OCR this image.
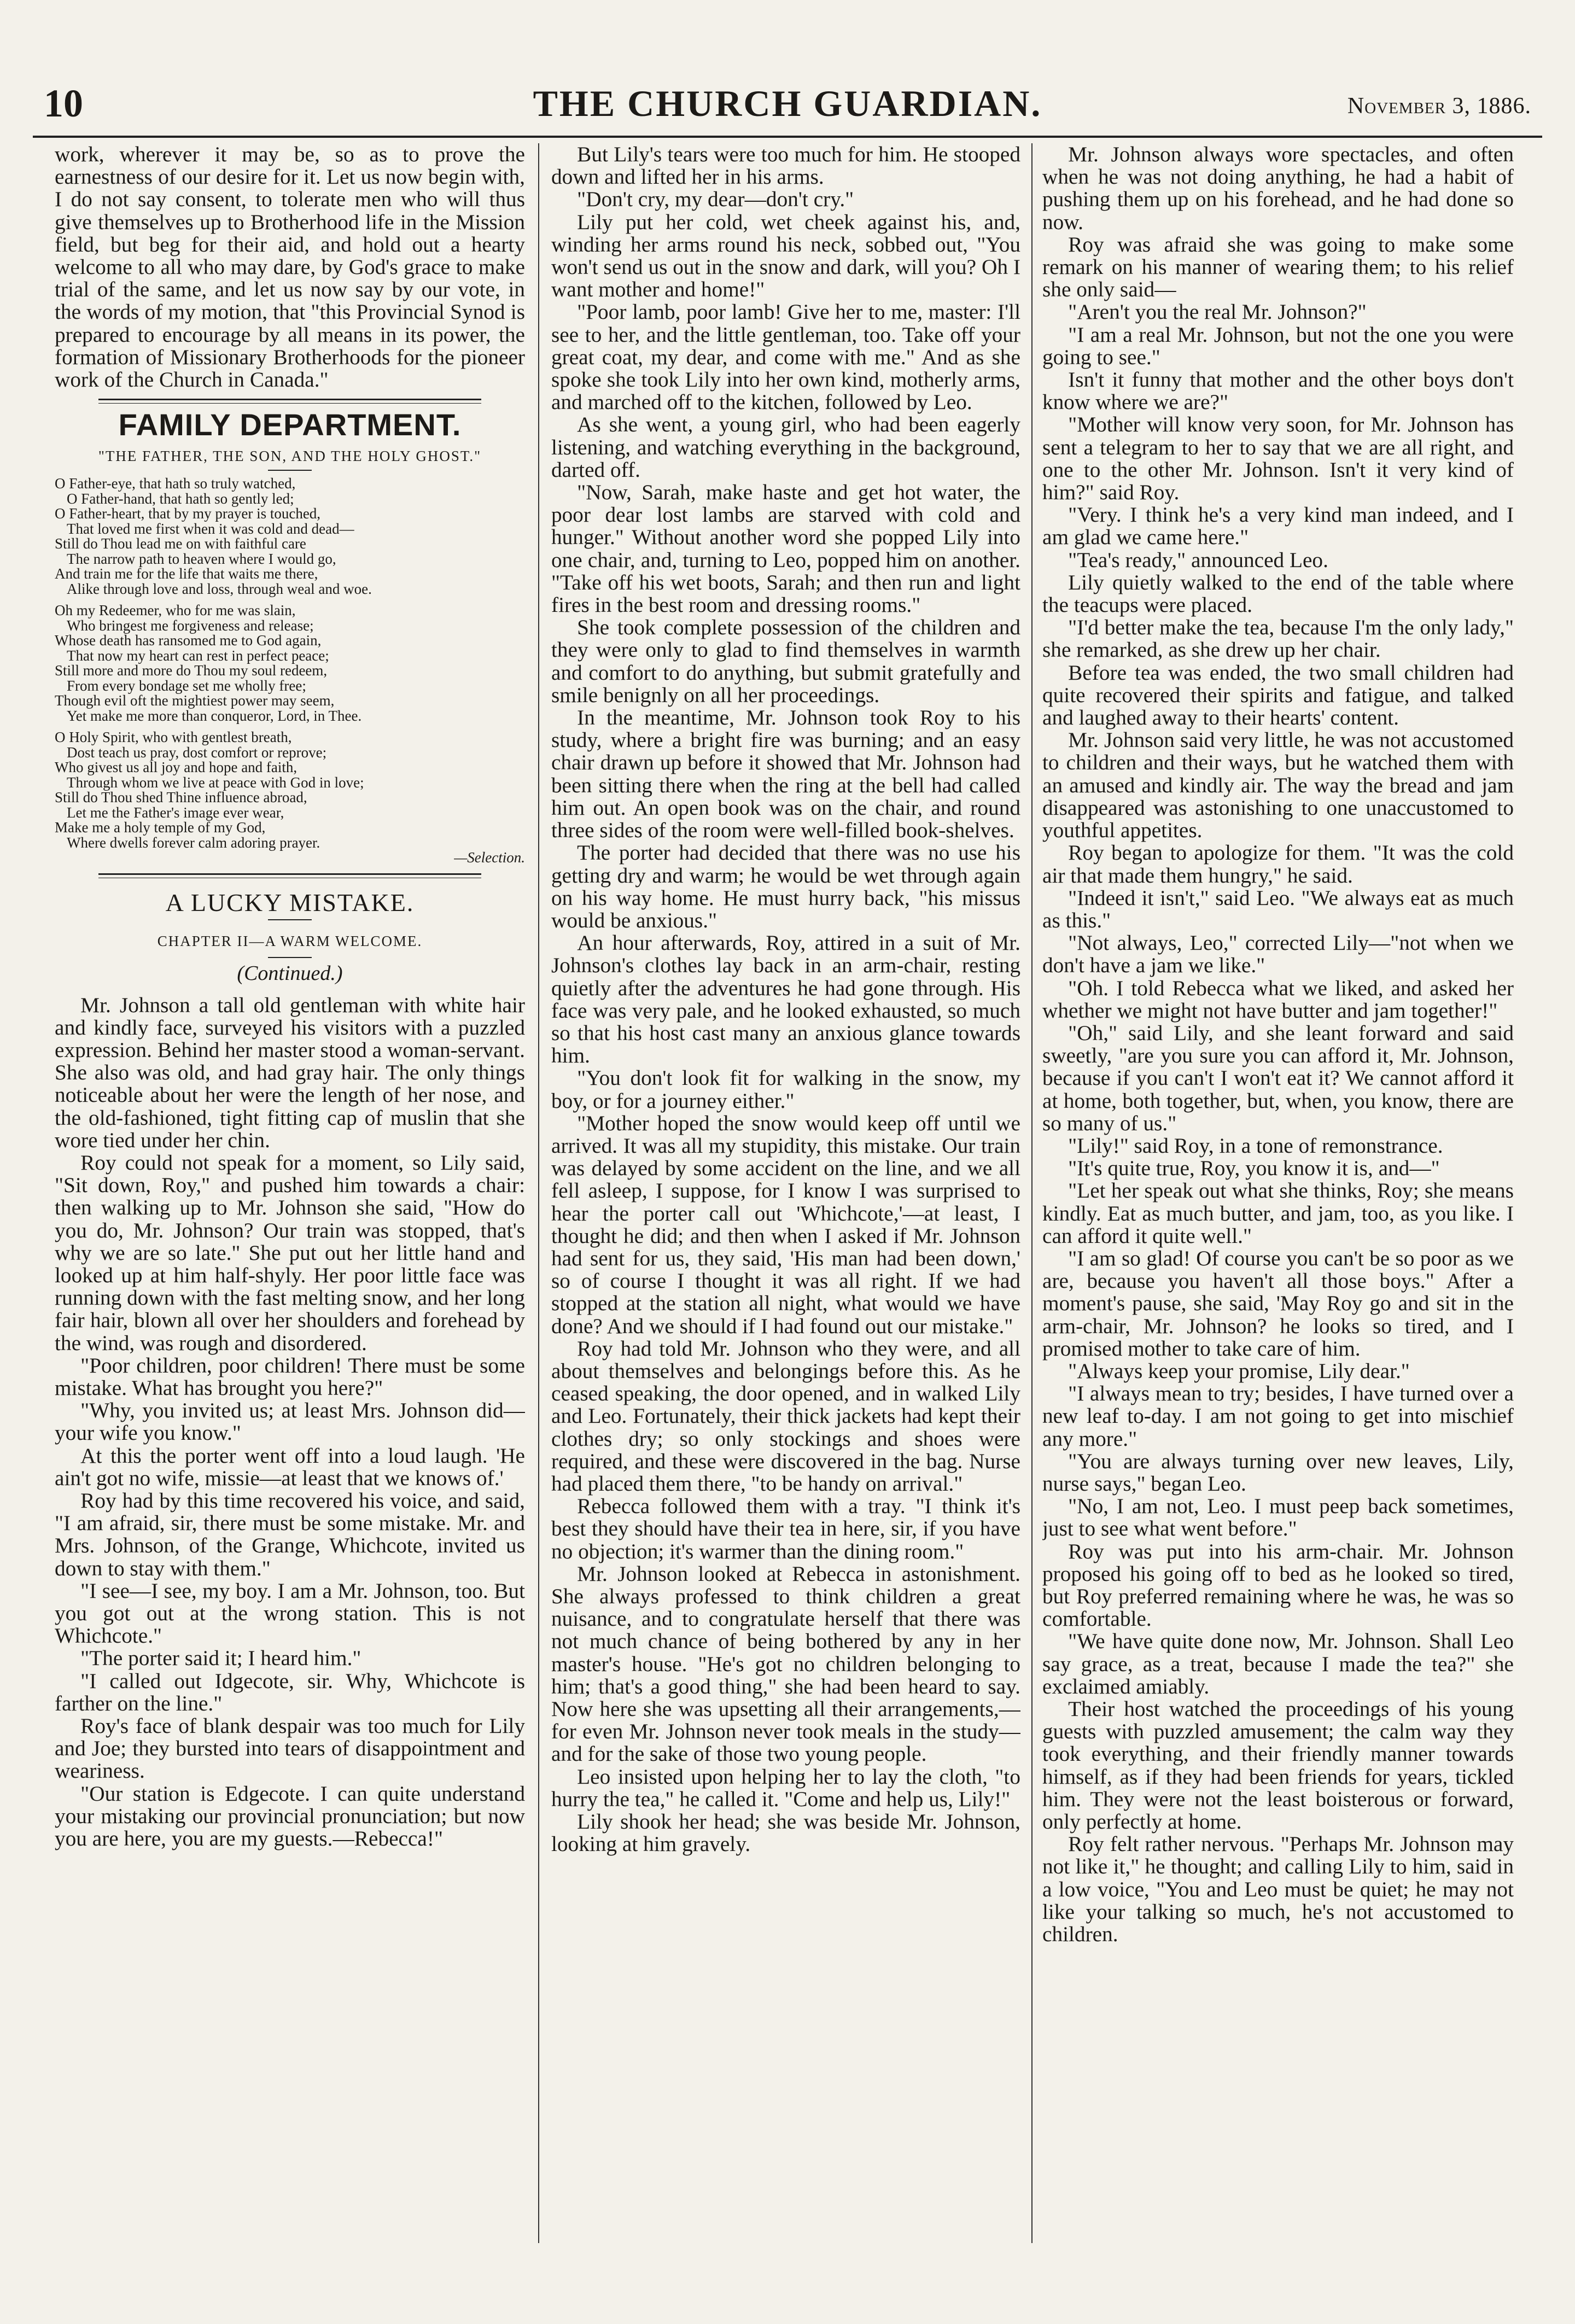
10	THE CHURCH GUARDIAN.	November 3, 1886.

work, wherever it may be, so as to prove the earnestness of our desire for it. Let us now begin with, I do not say consent, to tolerate men who will thus give themselves up to Brotherhood life in the Mission field, but beg for their aid, and hold out a hearty welcome to all who may dare, by God's grace to make trial of the same, and let us now say by our vote, in the words of my motion, that "this Provincial Synod is prepared to encourage by all means in its power, the formation of Missionary Brotherhoods for the pioneer work of the Church in Canada."

FAMILY DEPARTMENT.
"THE FATHER, THE SON, AND THE HOLY GHOST."
O Father-eye, that hath so truly watched,
O Father-hand, that hath so gently led;
O Father-heart, that by my prayer is touched,
That loved me first when it was cold and dead—
Still do Thou lead me on with faithful care
The narrow path to heaven where I would go,
And train me for the life that waits me there,
Alike through love and loss, through weal and woe.
Oh my Redeemer, who for me was slain,
Who bringest me forgiveness and release;
Whose death has ransomed me to God again,
That now my heart can rest in perfect peace;
Still more and more do Thou my soul redeem,
From every bondage set me wholly free;
Though evil oft the mightiest power may seem,
Yet make me more than conqueror, Lord, in Thee.
O Holy Spirit, who with gentlest breath,
Dost teach us pray, dost comfort or reprove;
Who givest us all joy and hope and faith,
Through whom we live at peace with God in love;
Still do Thou shed Thine influence abroad,
Let me the Father's image ever wear,
Make me a holy temple of my God,
Where dwells forever calm adoring prayer.
—Selection.
A LUCKY MISTAKE.
CHAPTER II—A WARM WELCOME.
(Continued.)

Mr. Johnson a tall old gentleman with white hair and kindly face, surveyed his visitors with a puzzled expression. Behind her master stood a woman-servant. She also was old, and had gray hair. The only things noticeable about her were the length of her nose, and the old-fashioned, tight fitting cap of muslin that she wore tied under her chin.

Roy could not speak for a moment, so Lily said, "Sit down, Roy," and pushed him towards a chair: then walking up to Mr. Johnson she said, "How do you do, Mr. Johnson? Our train was stopped, that's why we are so late." She put out her little hand and looked up at him half-shyly. Her poor little face was running down with the fast melting snow, and her long fair hair, blown all over her shoulders and forehead by the wind, was rough and disordered.

"Poor children, poor children! There must be some mistake. What has brought you here?"

"Why, you invited us; at least Mrs. Johnson did—your wife you know."

At this the porter went off into a loud laugh. 'He ain't got no wife, missie—at least that we knows of.'

Roy had by this time recovered his voice, and said, "I am afraid, sir, there must be some mistake. Mr. and Mrs. Johnson, of the Grange, Whichcote, invited us down to stay with them."

"I see—I see, my boy. I am a Mr. Johnson, too. But you got out at the wrong station. This is not Whichcote."

"The porter said it; I heard him."

"I called out Idgecote, sir. Why, Whichcote is farther on the line."

Roy's face of blank despair was too much for Lily and Joe; they bursted into tears of disappointment and weariness.

"Our station is Edgecote. I can quite understand your mistaking our provincial pronunciation; but now you are here, you are my guests.—Rebecca!"

But Lily's tears were too much for him. He stooped down and lifted her in his arms.

"Don't cry, my dear—don't cry."

Lily put her cold, wet cheek against his, and, winding her arms round his neck, sobbed out, "You won't send us out in the snow and dark, will you? Oh I want mother and home!"

"Poor lamb, poor lamb! Give her to me, master: I'll see to her, and the little gentleman, too. Take off your great coat, my dear, and come with me." And as she spoke she took Lily into her own kind, motherly arms, and marched off to the kitchen, followed by Leo.

As she went, a young girl, who had been eagerly listening, and watching everything in the background, darted off.

"Now, Sarah, make haste and get hot water, the poor dear lost lambs are starved with cold and hunger." Without another word she popped Lily into one chair, and, turning to Leo, popped him on another. "Take off his wet boots, Sarah; and then run and light fires in the best room and dressing rooms."

She took complete possession of the children and they were only to glad to find themselves in warmth and comfort to do anything, but submit gratefully and smile benignly on all her proceedings.

In the meantime, Mr. Johnson took Roy to his study, where a bright fire was burning; and an easy chair drawn up before it showed that Mr. Johnson had been sitting there when the ring at the bell had called him out. An open book was on the chair, and round three sides of the room were well-filled book-shelves.

The porter had decided that there was no use his getting dry and warm; he would be wet through again on his way home. He must hurry back, "his missus would be anxious."

An hour afterwards, Roy, attired in a suit of Mr. Johnson's clothes lay back in an arm-chair, resting quietly after the adventures he had gone through. His face was very pale, and he looked exhausted, so much so that his host cast many an anxious glance towards him.

"You don't look fit for walking in the snow, my boy, or for a journey either."

"Mother hoped the snow would keep off until we arrived. It was all my stupidity, this mistake. Our train was delayed by some accident on the line, and we all fell asleep, I suppose, for I know I was surprised to hear the porter call out 'Whichcote,'—at least, I thought he did; and then when I asked if Mr. Johnson had sent for us, they said, 'His man had been down,' so of course I thought it was all right. If we had stopped at the station all night, what would we have done? And we should if I had found out our mistake."

Roy had told Mr. Johnson who they were, and all about themselves and belongings before this. As he ceased speaking, the door opened, and in walked Lily and Leo. Fortunately, their thick jackets had kept their clothes dry; so only stockings and shoes were required, and these were discovered in the bag. Nurse had placed them there, "to be handy on arrival."

Rebecca followed them with a tray. "I think it's best they should have their tea in here, sir, if you have no objection; it's warmer than the dining room."

Mr. Johnson looked at Rebecca in astonishment. She always professed to think children a great nuisance, and to congratulate herself that there was not much chance of being bothered by any in her master's house. "He's got no children belonging to him; that's a good thing," she had been heard to say. Now here she was upsetting all their arrangements,—for even Mr. Johnson never took meals in the study—and for the sake of those two young people.

Leo insisted upon helping her to lay the cloth, "to hurry the tea," he called it. "Come and help us, Lily!"

Lily shook her head; she was beside Mr. Johnson, looking at him gravely.

Mr. Johnson always wore spectacles, and often when he was not doing anything, he had a habit of pushing them up on his forehead, and he had done so now.

Roy was afraid she was going to make some remark on his manner of wearing them; to his relief she only said—

"Aren't you the real Mr. Johnson?"

"I am a real Mr. Johnson, but not the one you were going to see."

Isn't it funny that mother and the other boys don't know where we are?"

"Mother will know very soon, for Mr. Johnson has sent a telegram to her to say that we are all right, and one to the other Mr. Johnson. Isn't it very kind of him?" said Roy.

"Very. I think he's a very kind man indeed, and I am glad we came here."

"Tea's ready," announced Leo.

Lily quietly walked to the end of the table where the teacups were placed.

"I'd better make the tea, because I'm the only lady," she remarked, as she drew up her chair.

Before tea was ended, the two small children had quite recovered their spirits and fatigue, and talked and laughed away to their hearts' content.

Mr. Johnson said very little, he was not accustomed to children and their ways, but he watched them with an amused and kindly air. The way the bread and jam disappeared was astonishing to one unaccustomed to youthful appetites.

Roy began to apologize for them. "It was the cold air that made them hungry," he said.

"Indeed it isn't," said Leo. "We always eat as much as this."

"Not always, Leo," corrected Lily—"not when we don't have a jam we like."

"Oh. I told Rebecca what we liked, and asked her whether we might not have butter and jam together!"

"Oh," said Lily, and she leant forward and said sweetly, "are you sure you can afford it, Mr. Johnson, because if you can't I won't eat it? We cannot afford it at home, both together, but, when, you know, there are so many of us."

"Lily!" said Roy, in a tone of remonstrance.

"It's quite true, Roy, you know it is, and—"

"Let her speak out what she thinks, Roy; she means kindly. Eat as much butter, and jam, too, as you like. I can afford it quite well."

"I am so glad! Of course you can't be so poor as we are, because you haven't all those boys." After a moment's pause, she said, 'May Roy go and sit in the arm-chair, Mr. Johnson? he looks so tired, and I promised mother to take care of him.

"Always keep your promise, Lily dear."

"I always mean to try; besides, I have turned over a new leaf to-day. I am not going to get into mischief any more."

"You are always turning over new leaves, Lily, nurse says," began Leo.

"No, I am not, Leo. I must peep back sometimes, just to see what went before."

Roy was put into his arm-chair. Mr. Johnson proposed his going off to bed as he looked so tired, but Roy preferred remaining where he was, he was so comfortable.

"We have quite done now, Mr. Johnson. Shall Leo say grace, as a treat, because I made the tea?" she exclaimed amiably.

Their host watched the proceedings of his young guests with puzzled amusement; the calm way they took everything, and their friendly manner towards himself, as if they had been friends for years, tickled him. They were not the least boisterous or forward, only perfectly at home.

Roy felt rather nervous. "Perhaps Mr. Johnson may not like it," he thought; and calling Lily to him, said in a low voice, "You and Leo must be quiet; he may not like your talking so much, he's not accustomed to children.
